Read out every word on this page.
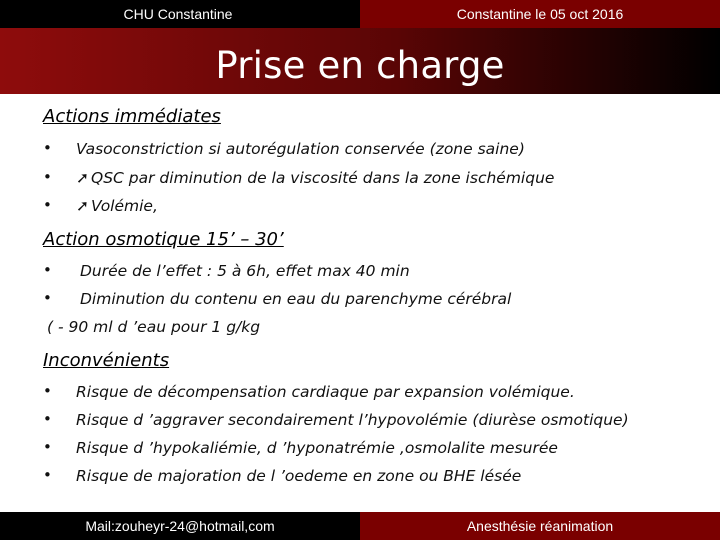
CHU Constantine	Constantine le 05 oct 2016
Prise en charge
Actions immédiates
• Vasoconstriction si autorégulation conservée (zone saine)
• ➚ QSC par diminution de la viscosité dans la zone ischémique
• ➚ Volémie,
Action osmotique 15’ – 30’
• Durée de l’effet : 5 à 6h, effet max 40 min
• Diminution du contenu en eau du parenchyme cérébral
( - 90 ml d ’eau pour 1 g/kg
Inconvénients
• Risque de décompensation cardiaque par expansion volémique.
• Risque d ’aggraver secondairement l’hypovolémie (diurèse osmotique)
• Risque d ’hypokaliémie, d ’hyponatrémie ,osmolalite mesurée
• Risque de majoration de l ’oedeme en zone ou BHE lésée
Mail:zouheyr-24@hotmail,com	Anesthésie réanimation
